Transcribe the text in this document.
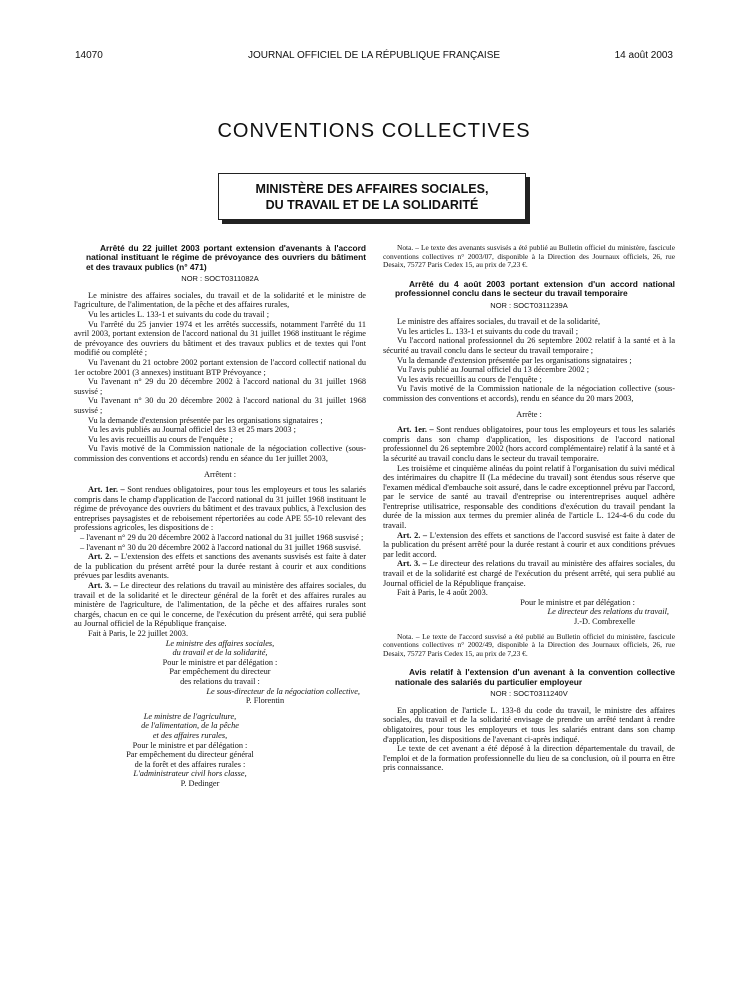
14070	JOURNAL OFFICIEL DE LA RÉPUBLIQUE FRANÇAISE	14 août 2003
CONVENTIONS COLLECTIVES
MINISTÈRE DES AFFAIRES SOCIALES,
DU TRAVAIL ET DE LA SOLIDARITÉ

Arrêté du 22 juillet 2003 portant extension d'avenants à l'accord national instituant le régime de prévoyance des ouvriers du bâtiment et des travaux publics (n° 471)

NOR : SOCT0311082A

Le ministre des affaires sociales, du travail et de la solidarité et le ministre de l'agriculture, de l'alimentation, de la pêche et des affaires rurales,

Vu les articles L. 133-1 et suivants du code du travail ;

Vu l'arrêté du 25 janvier 1974 et les arrêtés successifs, notamment l'arrêté du 11 avril 2003, portant extension de l'accord national du 31 juillet 1968 instituant le régime de prévoyance des ouvriers du bâtiment et des travaux publics et de textes qui l'ont modifié ou complété ;

Vu l'avenant du 21 octobre 2002 portant extension de l'accord collectif national du 1er octobre 2001 (3 annexes) instituant BTP Prévoyance ;

Vu l'avenant n° 29 du 20 décembre 2002 à l'accord national du 31 juillet 1968 susvisé ;

Vu l'avenant n° 30 du 20 décembre 2002 à l'accord national du 31 juillet 1968 susvisé ;

Vu la demande d'extension présentée par les organisations signataires ;

Vu les avis publiés au Journal officiel des 13 et 25 mars 2003 ;

Vu les avis recueillis au cours de l'enquête ;

Vu l'avis motivé de la Commission nationale de la négociation collective (sous-commission des conventions et accords) rendu en séance du 1er juillet 2003,

Arrêtent :

Art. 1er. – Sont rendues obligatoires, pour tous les employeurs et tous les salariés compris dans le champ d'application de l'accord national du 31 juillet 1968 instituant le régime de prévoyance des ouvriers du bâtiment et des travaux publics, à l'exclusion des entreprises paysagistes et de reboisement répertoriées au code APE 55-10 relevant des professions agricoles, les dispositions de :

– l'avenant n° 29 du 20 décembre 2002 à l'accord national du 31 juillet 1968 susvisé ;

– l'avenant n° 30 du 20 décembre 2002 à l'accord national du 31 juillet 1968 susvisé.

Art. 2. – L'extension des effets et sanctions des avenants susvisés est faite à dater de la publication du présent arrêté pour la durée restant à courir et aux conditions prévues par lesdits avenants.

Art. 3. – Le directeur des relations du travail au ministère des affaires sociales, du travail et de la solidarité et le directeur général de la forêt et des affaires rurales au ministère de l'agriculture, de l'alimentation, de la pêche et des affaires rurales sont chargés, chacun en ce qui le concerne, de l'exécution du présent arrêté, qui sera publié au Journal officiel de la République française.

Fait à Paris, le 22 juillet 2003.

Le ministre des affaires sociales,

du travail et de la solidarité,

Pour le ministre et par délégation :

Par empêchement du directeur

des relations du travail :

Le sous-directeur de la négociation collective,

P. Florentin

Le ministre de l'agriculture,

de l'alimentation, de la pêche

et des affaires rurales,

Pour le ministre et par délégation :

Par empêchement du directeur général

de la forêt et des affaires rurales :

L'administrateur civil hors classe,

P. Dedinger

Nota. – Le texte des avenants susvisés a été publié au Bulletin officiel du ministère, fascicule conventions collectives n° 2003/07, disponible à la Direction des Journaux officiels, 26, rue Desaix, 75727 Paris Cedex 15, au prix de 7,23 €.

Arrêté du 4 août 2003 portant extension d'un accord national professionnel conclu dans le secteur du travail temporaire

NOR : SOCT0311239A

Le ministre des affaires sociales, du travail et de la solidarité,

Vu les articles L. 133-1 et suivants du code du travail ;

Vu l'accord national professionnel du 26 septembre 2002 relatif à la santé et à la sécurité au travail conclu dans le secteur du travail temporaire ;

Vu la demande d'extension présentée par les organisations signataires ;

Vu l'avis publié au Journal officiel du 13 décembre 2002 ;

Vu les avis recueillis au cours de l'enquête ;

Vu l'avis motivé de la Commission nationale de la négociation collective (sous-commission des conventions et accords), rendu en séance du 20 mars 2003,

Arrête :

Art. 1er. – Sont rendues obligatoires, pour tous les employeurs et tous les salariés compris dans son champ d'application, les dispositions de l'accord national professionnel du 26 septembre 2002 (hors accord complémentaire) relatif à la santé et à la sécurité au travail conclu dans le secteur du travail temporaire.

Les troisième et cinquième alinéas du point relatif à l'organisation du suivi médical des intérimaires du chapitre II (La médecine du travail) sont étendus sous réserve que l'examen médical d'embauche soit assuré, dans le cadre exceptionnel prévu par l'accord, par le service de santé au travail d'entreprise ou interentreprises auquel adhère l'entreprise utilisatrice, responsable des conditions d'exécution du travail pendant la durée de la mission aux termes du premier alinéa de l'article L. 124-4-6 du code du travail.

Art. 2. – L'extension des effets et sanctions de l'accord susvisé est faite à dater de la publication du présent arrêté pour la durée restant à courir et aux conditions prévues par ledit accord.

Art. 3. – Le directeur des relations du travail au ministère des affaires sociales, du travail et de la solidarité est chargé de l'exécution du présent arrêté, qui sera publié au Journal officiel de la République française.

Fait à Paris, le 4 août 2003.

Pour le ministre et par délégation :

Le directeur des relations du travail,

J.-D. Combrexelle

Nota. – Le texte de l'accord susvisé a été publié au Bulletin officiel du ministère, fascicule conventions collectives n° 2002/49, disponible à la Direction des Journaux officiels, 26, rue Desaix, 75727 Paris Cedex 15, au prix de 7,23 €.

Avis relatif à l'extension d'un avenant à la convention collective nationale des salariés du particulier employeur

NOR : SOCT0311240V

En application de l'article L. 133-8 du code du travail, le ministre des affaires sociales, du travail et de la solidarité envisage de prendre un arrêté tendant à rendre obligatoires, pour tous les employeurs et tous les salariés entrant dans son champ d'application, les dispositions de l'avenant ci-après indiqué.

Le texte de cet avenant a été déposé à la direction départementale du travail, de l'emploi et de la formation professionnelle du lieu de sa conclusion, où il pourra en être pris connaissance.
